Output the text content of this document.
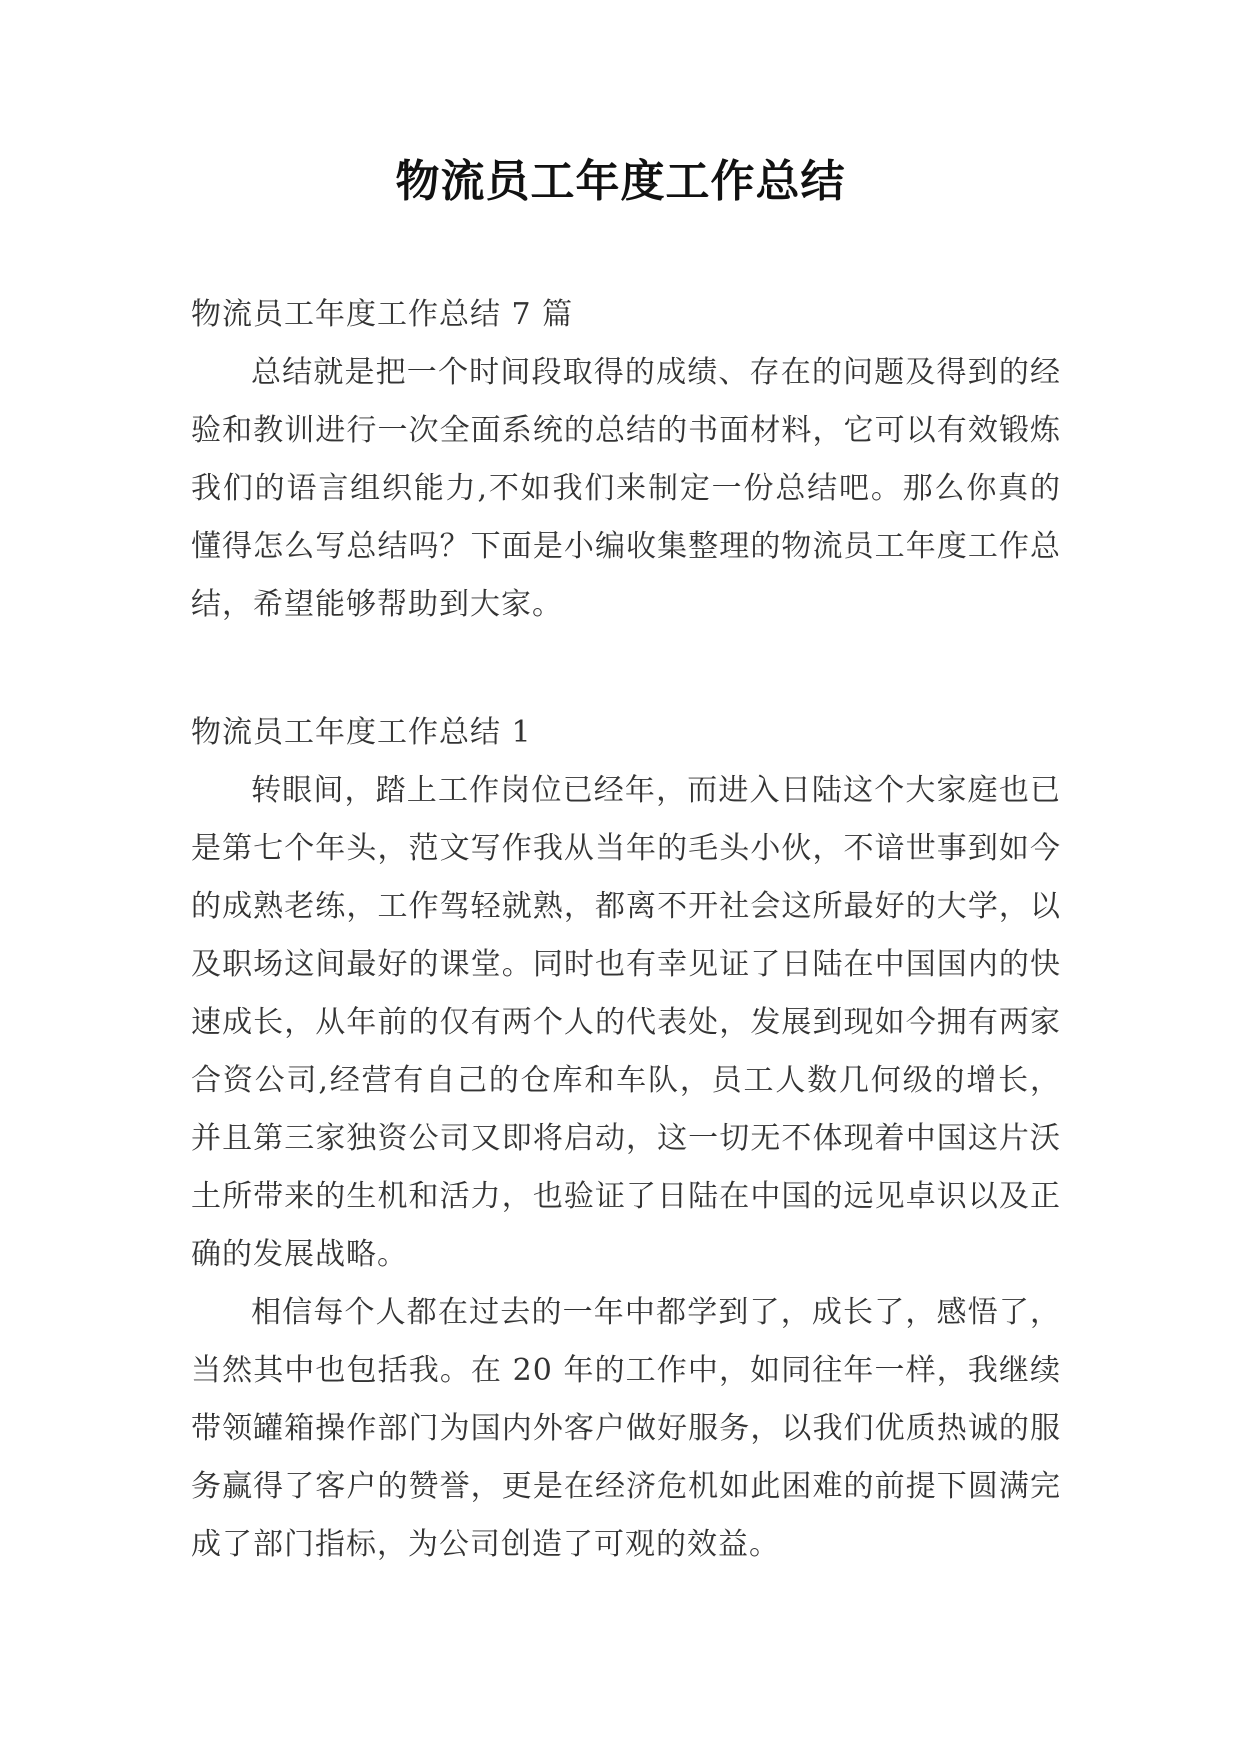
物流员工年度工作总结

物流员工年度工作总结 7 篇

总结就是把一个时间段取得的成绩、存在的问题及得到的经验和教训进行一次全面系统的总结的书面材料，它可以有效锻炼我们的语言组织能力,不如我们来制定一份总结吧。那么你真的懂得怎么写总结吗？下面是小编收集整理的物流员工年度工作总结，希望能够帮助到大家。

物流员工年度工作总结 1

转眼间，踏上工作岗位已经年，而进入日陆这个大家庭也已是第七个年头，范文写作我从当年的毛头小伙，不谙世事到如今的成熟老练，工作驾轻就熟，都离不开社会这所最好的大学，以及职场这间最好的课堂。同时也有幸见证了日陆在中国国内的快速成长，从年前的仅有两个人的代表处，发展到现如今拥有两家合资公司,经营有自己的仓库和车队，员工人数几何级的增长，并且第三家独资公司又即将启动，这一切无不体现着中国这片沃土所带来的生机和活力，也验证了日陆在中国的远见卓识以及正确的发展战略。

相信每个人都在过去的一年中都学到了，成长了，感悟了，当然其中也包括我。在 20 年的工作中，如同往年一样，我继续带领罐箱操作部门为国内外客户做好服务，以我们优质热诚的服务赢得了客户的赞誉，更是在经济危机如此困难的前提下圆满完成了部门指标，为公司创造了可观的效益。
